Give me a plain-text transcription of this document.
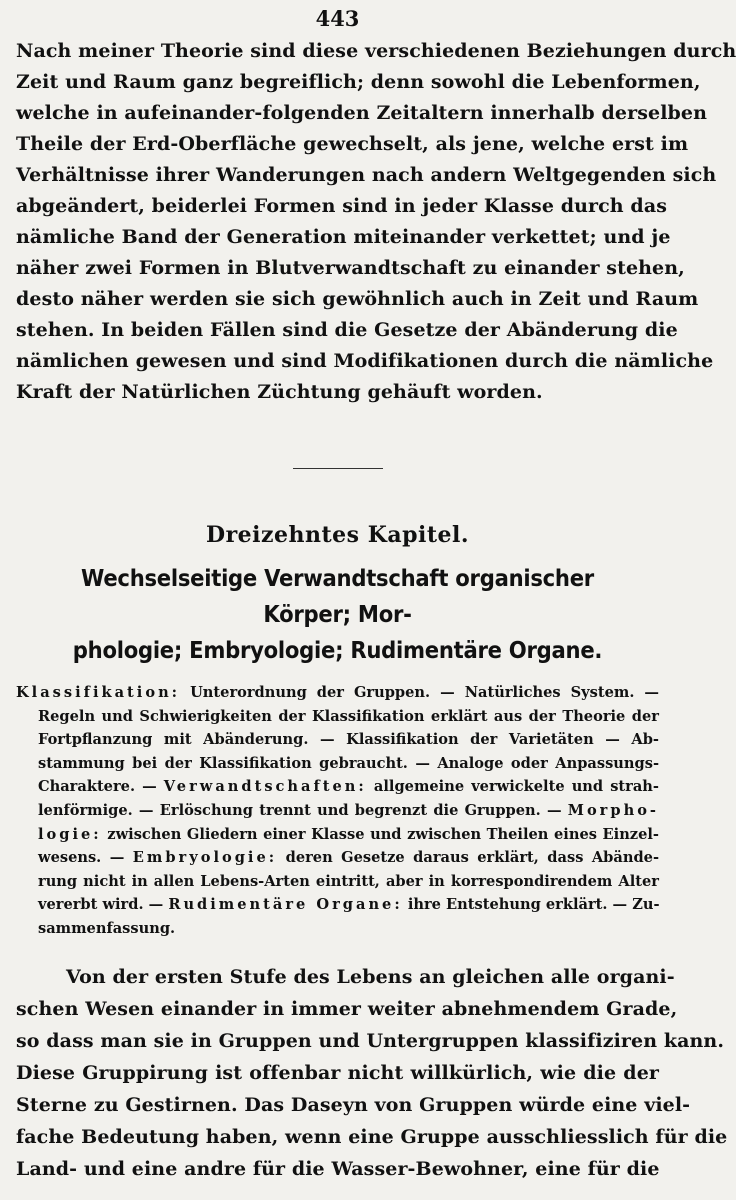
443
Nach meiner Theorie sind diese verschiedenen Beziehungen durch
Zeit und Raum ganz begreiflich; denn sowohl die Lebenformen,
welche in aufeinander-folgenden Zeitaltern innerhalb derselben
Theile der Erd-Oberfläche gewechselt, als jene, welche erst im
Verhältnisse ihrer Wanderungen nach andern Weltgegenden sich
abgeändert, beiderlei Formen sind in jeder Klasse durch das
nämliche Band der Generation miteinander verkettet; und je
näher zwei Formen in Blutverwandtschaft zu einander stehen,
desto näher werden sie sich gewöhnlich auch in Zeit und Raum
stehen. In beiden Fällen sind die Gesetze der Abänderung die
nämlichen gewesen und sind Modifikationen durch die nämliche
Kraft der Natürlichen Züchtung gehäuft worden.
Dreizehntes Kapitel.
Wechselseitige Verwandtschaft organischer Körper; Mor-
phologie; Embryologie; Rudimentäre Organe.
Klassifikation: Unterordnung der Gruppen. — Natürliches System. —
Regeln und Schwierigkeiten der Klassifikation erklärt aus der Theorie der
Fortpflanzung mit Abänderung. — Klassifikation der Varietäten — Ab-
stammung bei der Klassifikation gebraucht. — Analoge oder Anpassungs-
Charaktere. — Verwandtschaften: allgemeine verwickelte und strah-
lenförmige. — Erlöschung trennt und begrenzt die Gruppen. — Morpho-
logie: zwischen Gliedern einer Klasse und zwischen Theilen eines Einzel-
wesens. — Embryologie: deren Gesetze daraus erklärt, dass Abände-
rung nicht in allen Lebens-Arten eintritt, aber in korrespondirendem Alter
vererbt wird. — Rudimentäre Organe: ihre Entstehung erklärt. — Zu-
sammenfassung.
Von der ersten Stufe des Lebens an gleichen alle organi-
schen Wesen einander in immer weiter abnehmendem Grade,
so dass man sie in Gruppen und Untergruppen klassifiziren kann.
Diese Gruppirung ist offenbar nicht willkürlich, wie die der
Sterne zu Gestirnen. Das Daseyn von Gruppen würde eine viel-
fache Bedeutung haben, wenn eine Gruppe ausschliesslich für die
Land- und eine andre für die Wasser-Bewohner, eine für die
